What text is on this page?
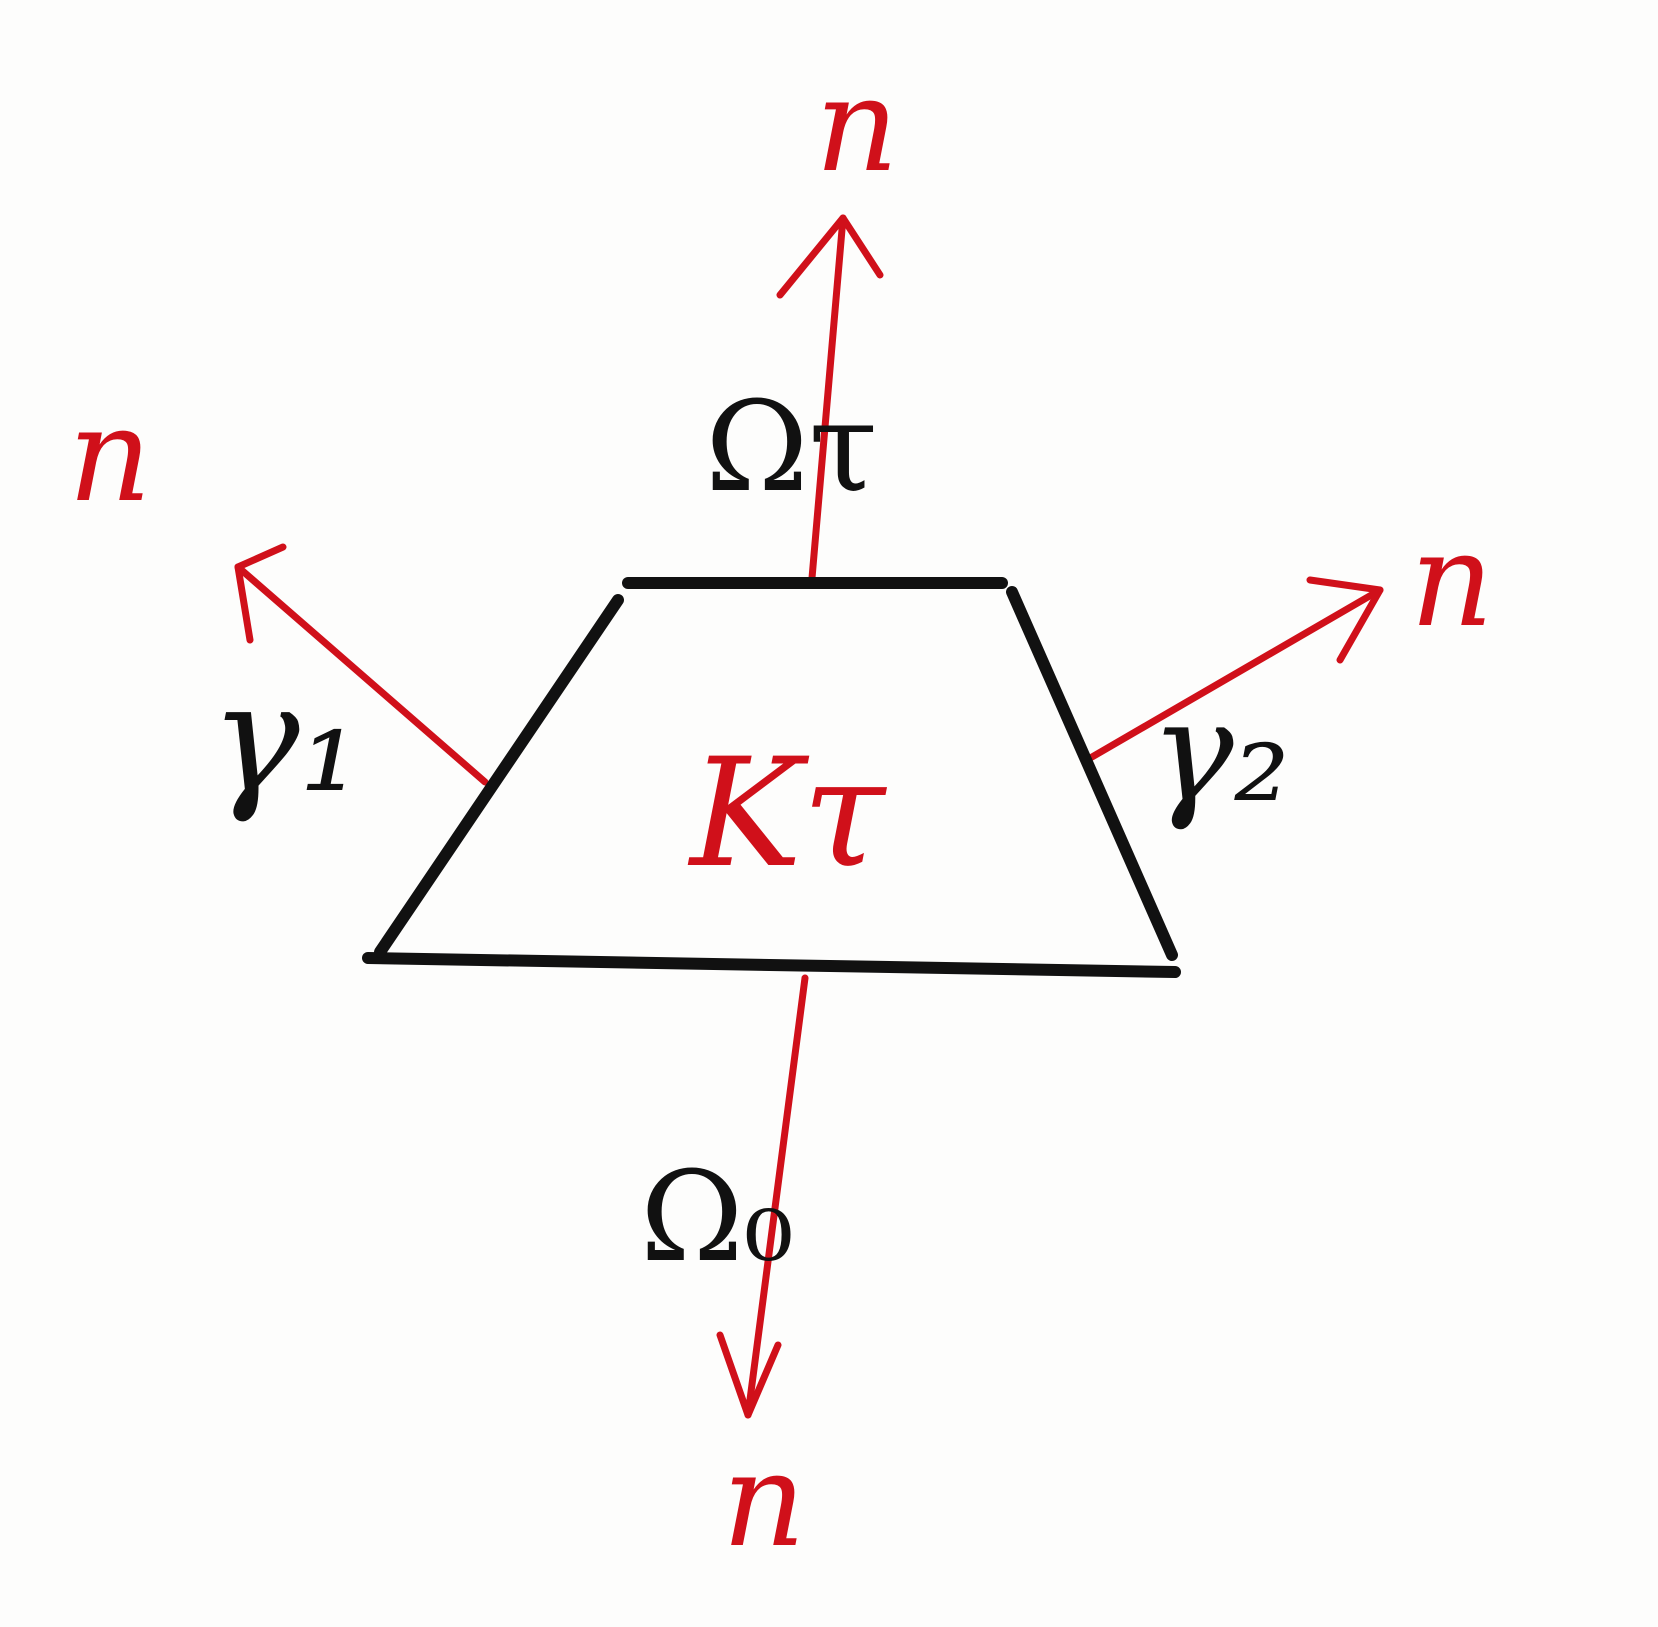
Kτ
Ωτ
Ω₀
γ₁	γ₂
n
n
n
n
